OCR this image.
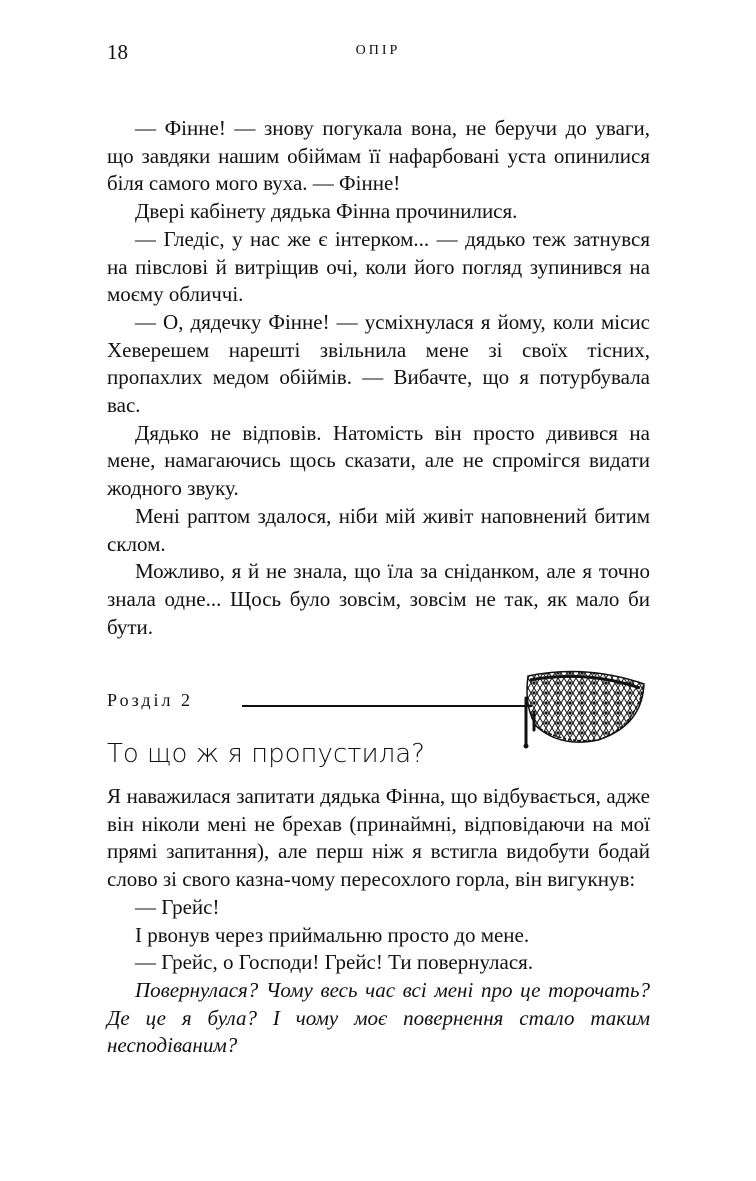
18	ОПІР

— Фінне! — знову погукала вона, не беручи до уваги, що завдяки нашим обіймам її нафарбовані уста опинилися біля самого мого вуха. — Фінне!

Двері кабінету дядька Фінна прочинилися.

— Гледіс, у нас же є інтерком... — дядько теж затнувся на півслові й витріщив очі, коли його погляд зупинився на моєму обличчі.

— О, дядечку Фінне! — усміхнулася я йому, коли місис Хеверешем нарешті звільнила мене зі своїх тісних, пропахлих медом обіймів. — Вибачте, що я потурбувала вас.

Дядько не відповів. Натомість він просто дивився на мене, намагаючись щось сказати, але не спромігся видати жодного звуку.

Мені раптом здалося, ніби мій живіт наповнений битим склом.

Можливо, я й не знала, що їла за сніданком, але я точно знала одне... Щось було зовсім, зовсім не так, як мало би бути.

Розділ 2
То що ж я пропустила?

Я наважилася запитати дядька Фінна, що відбувається, адже він ніколи мені не брехав (принаймні, відповідаючи на мої прямі запитання), але перш ніж я встигла видобути бодай слово зі свого казна-чому пересохлого горла, він вигукнув:

— Грейс!

І рвонув через приймальню просто до мене.

— Грейс, о Господи! Грейс! Ти повернулася.

Повернулася? Чому весь час всі мені про це торочать? Де це я була? І чому моє повернення стало таким несподіваним?
